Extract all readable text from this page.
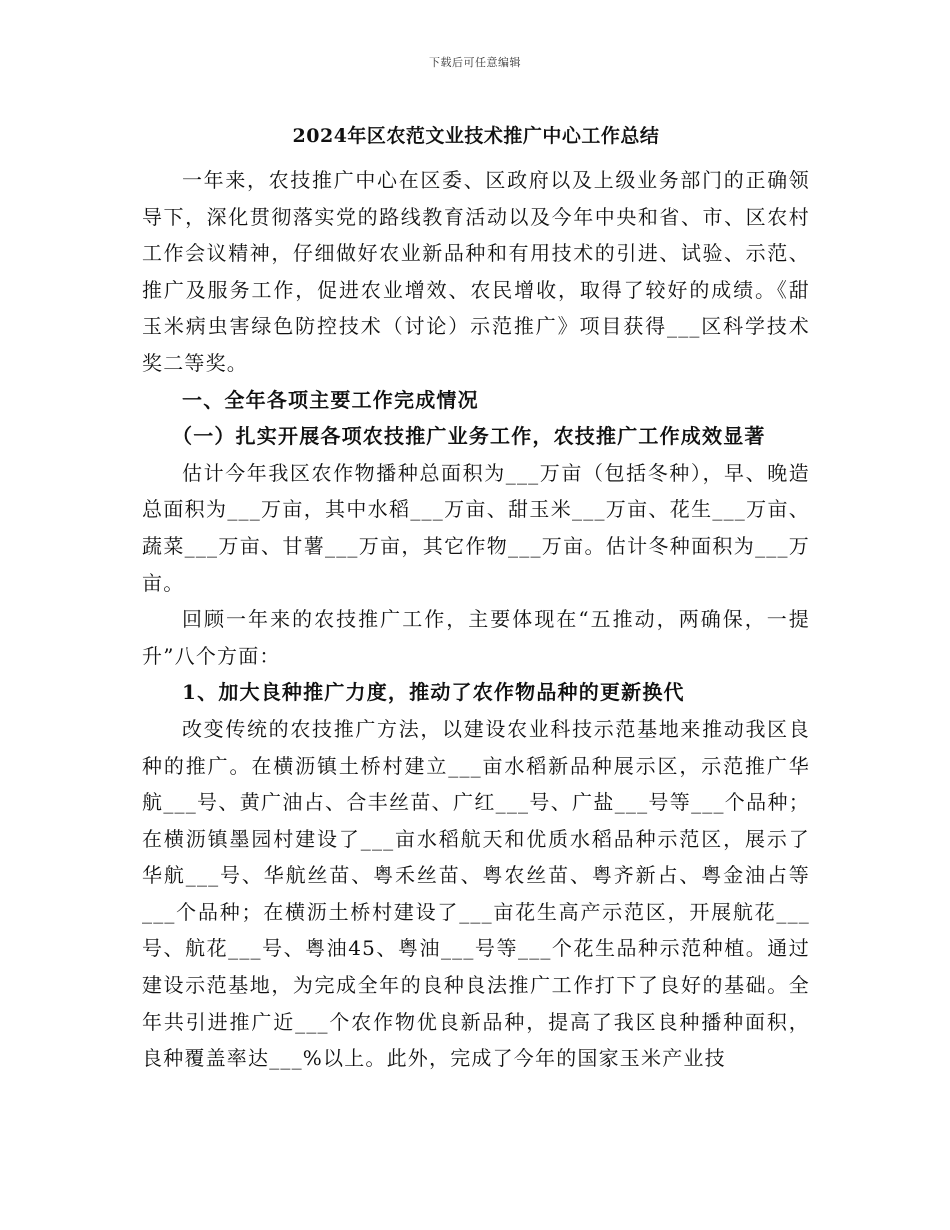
下载后可任意编辑
2024年区农范文业技术推广中心工作总结

一年来，农技推广中心在区委、区政府以及上级业务部门的正确领导下，深化贯彻落实党的路线教育活动以及今年中央和省、市、区农村工作会议精神，仔细做好农业新品种和有用技术的引进、试验、示范、推广及服务工作，促进农业增效、农民增收，取得了较好的成绩。《甜玉米病虫害绿色防控技术（讨论）示范推广》项目获得___区科学技术奖二等奖。

一、全年各项主要工作完成情况

（一）扎实开展各项农技推广业务工作，农技推广工作成效显著

估计今年我区农作物播种总面积为___万亩（包括冬种），早、晚造总面积为___万亩，其中水稻___万亩、甜玉米___万亩、花生___万亩、蔬菜___万亩、甘薯___万亩，其它作物___万亩。估计冬种面积为___万亩。

回顾一年来的农技推广工作，主要体现在“五推动，两确保，一提升”八个方面：

1、加大良种推广力度，推动了农作物品种的更新换代

改变传统的农技推广方法，以建设农业科技示范基地来推动我区良种的推广。在横沥镇土桥村建立___亩水稻新品种展示区，示范推广华航___号、黄广油占、合丰丝苗、广红___号、广盐___号等___个品种；在横沥镇墨园村建设了___亩水稻航天和优质水稻品种示范区，展示了华航___号、华航丝苗、粤禾丝苗、粤农丝苗、粤齐新占、粤金油占等___个品种；在横沥土桥村建设了___亩花生高产示范区，开展航花___号、航花___号、粤油45、粤油___号等___个花生品种示范种植。通过建设示范基地，为完成全年的良种良法推广工作打下了良好的基础。全年共引进推广近___个农作物优良新品种，提高了我区良种播种面积，良种覆盖率达___%以上。此外，完成了今年的国家玉米产业技
